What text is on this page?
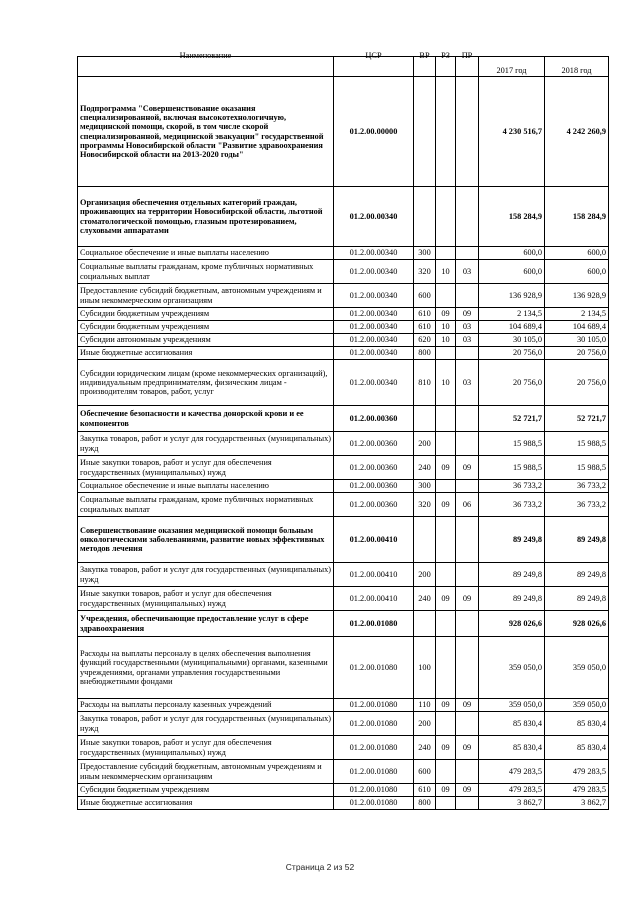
Наименование	ЦСР	ВР	РЗ	ПР	2017 год	2018 год
Подпрограмма "Совершенствование оказания специализированной, включая высокотехнологичную, медицинской помощи, скорой, в том числе скорой специализированной, медицинской эвакуации" государственной программы Новосибирской области "Развитие здравоохранения Новосибирской области на 2013-2020 годы"	01.2.00.00000				4 230 516,7	4 242 260,9
Организация обеспечения отдельных категорий граждан, проживающих на территории Новосибирской области, льготной стоматологической помощью, глазным протезированием, слуховыми аппаратами	01.2.00.00340				158 284,9	158 284,9
Социальное обеспечение и иные выплаты населению	01.2.00.00340	300			600,0	600,0
Социальные выплаты гражданам, кроме публичных нормативных социальных выплат	01.2.00.00340	320	10	03	600,0	600,0
Предоставление субсидий бюджетным, автономным учреждениям и иным некоммерческим организациям	01.2.00.00340	600			136 928,9	136 928,9
Субсидии бюджетным учреждениям	01.2.00.00340	610	09	09	2 134,5	2 134,5
Субсидии бюджетным учреждениям	01.2.00.00340	610	10	03	104 689,4	104 689,4
Субсидии автономным учреждениям	01.2.00.00340	620	10	03	30 105,0	30 105,0
Иные бюджетные ассигнования	01.2.00.00340	800			20 756,0	20 756,0
Субсидии юридическим лицам (кроме некоммерческих организаций), индивидуальным предпринимателям, физическим лицам - производителям товаров, работ, услуг	01.2.00.00340	810	10	03	20 756,0	20 756,0
Обеспечение безопасности и качества донорской крови и ее компонентов	01.2.00.00360				52 721,7	52 721,7
Закупка товаров, работ и услуг для государственных (муниципальных) нужд	01.2.00.00360	200			15 988,5	15 988,5
Иные закупки товаров, работ и услуг для обеспечения государственных (муниципальных) нужд	01.2.00.00360	240	09	09	15 988,5	15 988,5
Социальное обеспечение и иные выплаты населению	01.2.00.00360	300			36 733,2	36 733,2
Социальные выплаты гражданам, кроме публичных нормативных социальных выплат	01.2.00.00360	320	09	06	36 733,2	36 733,2
Совершенствование оказания медицинской помощи больным онкологическими заболеваниями, развитие новых эффективных методов лечения	01.2.00.00410				89 249,8	89 249,8
Закупка товаров, работ и услуг для государственных (муниципальных) нужд	01.2.00.00410	200			89 249,8	89 249,8
Иные закупки товаров, работ и услуг для обеспечения государственных (муниципальных) нужд	01.2.00.00410	240	09	09	89 249,8	89 249,8
Учреждения, обеспечивающие предоставление услуг в сфере здравоохранения	01.2.00.01080				928 026,6	928 026,6
Расходы на выплаты персоналу в целях обеспечения выполнения функций государственными (муниципальными) органами, казенными учреждениями, органами управления государственными внебюджетными фондами	01.2.00.01080	100			359 050,0	359 050,0
Расходы на выплаты персоналу казенных учреждений	01.2.00.01080	110	09	09	359 050,0	359 050,0
Закупка товаров, работ и услуг для государственных (муниципальных) нужд	01.2.00.01080	200			85 830,4	85 830,4
Иные закупки товаров, работ и услуг для обеспечения государственных (муниципальных) нужд	01.2.00.01080	240	09	09	85 830,4	85 830,4
Предоставление субсидий бюджетным, автономным учреждениям и иным некоммерческим организациям	01.2.00.01080	600			479 283,5	479 283,5
Субсидии бюджетным учреждениям	01.2.00.01080	610	09	09	479 283,5	479 283,5
Иные бюджетные ассигнования	01.2.00.01080	800			3 862,7	3 862,7
Страница 2 из 52
